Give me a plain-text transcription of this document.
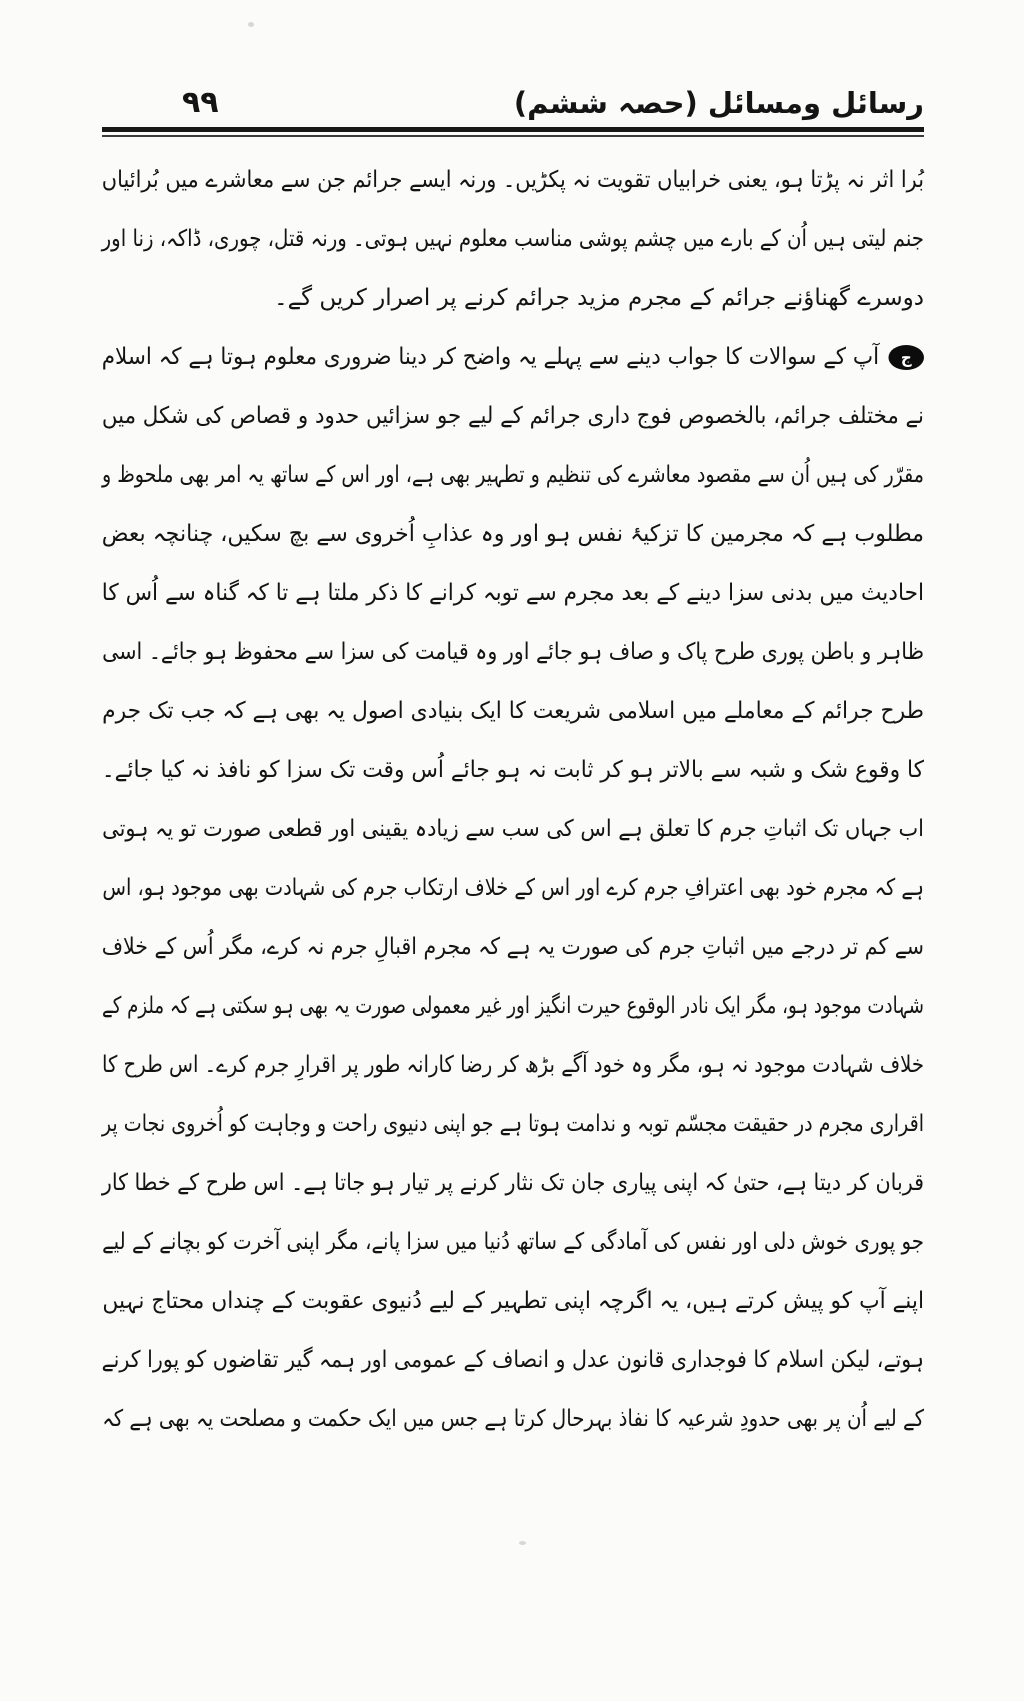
۹۹	رسائل ومسائل (حصہ ششم)
بُرا اثر نہ پڑتا ہو، یعنی خرابیاں تقویت نہ پکڑیں۔ ورنہ ایسے جرائم جن سے معاشرے میں بُرائیاں
جنم لیتی ہیں اُن کے بارے میں چشم پوشی مناسب معلوم نہیں ہوتی۔ ورنہ قتل، چوری، ڈاکہ، زنا اور
دوسرے گھناؤنے جرائم کے مجرم مزید جرائم کرنے پر اصرار کریں گے۔
جآپ کے سوالات کا جواب دینے سے پہلے یہ واضح کر دینا ضروری معلوم ہوتا ہے کہ اسلام
نے مختلف جرائم، بالخصوص فوج داری جرائم کے لیے جو سزائیں حدود و قصاص کی شکل میں
مقرّر کی ہیں اُن سے مقصود معاشرے کی تنظیم و تطہیر بھی ہے، اور اس کے ساتھ یہ امر بھی ملحوظ و
مطلوب ہے کہ مجرمین کا تزکیۂ نفس ہو اور وہ عذابِ اُخروی سے بچ سکیں، چنانچہ بعض
احادیث میں بدنی سزا دینے کے بعد مجرم سے توبہ کرانے کا ذکر ملتا ہے تا کہ گناہ سے اُس کا
ظاہر و باطن پوری طرح پاک و صاف ہو جائے اور وہ قیامت کی سزا سے محفوظ ہو جائے۔ اسی
طرح جرائم کے معاملے میں اسلامی شریعت کا ایک بنیادی اصول یہ بھی ہے کہ جب تک جرم
کا وقوع شک و شبہ سے بالاتر ہو کر ثابت نہ ہو جائے اُس وقت تک سزا کو نافذ نہ کیا جائے۔
اب جہاں تک اثباتِ جرم کا تعلق ہے اس کی سب سے زیادہ یقینی اور قطعی صورت تو یہ ہوتی
ہے کہ مجرم خود بھی اعترافِ جرم کرے اور اس کے خلاف ارتکاب جرم کی شہادت بھی موجود ہو، اس
سے کم تر درجے میں اثباتِ جرم کی صورت یہ ہے کہ مجرم اقبالِ جرم نہ کرے، مگر اُس کے خلاف
شہادت موجود ہو، مگر ایک نادر الوقوع حیرت انگیز اور غیر معمولی صورت یہ بھی ہو سکتی ہے کہ ملزم کے
خلاف شہادت موجود نہ ہو، مگر وہ خود آگے بڑھ کر رضا کارانہ طور پر اقرارِ جرم کرے۔ اس طرح کا
اقراری مجرم در حقیقت مجسّم توبہ و ندامت ہوتا ہے جو اپنی دنیوی راحت و وجاہت کو اُخروی نجات پر
قربان کر دیتا ہے، حتیٰ کہ اپنی پیاری جان تک نثار کرنے پر تیار ہو جاتا ہے۔ اس طرح کے خطا کار
جو پوری خوش دلی اور نفس کی آمادگی کے ساتھ دُنیا میں سزا پانے، مگر اپنی آخرت کو بچانے کے لیے
اپنے آپ کو پیش کرتے ہیں، یہ اگرچہ اپنی تطہیر کے لیے دُنیوی عقوبت کے چنداں محتاج نہیں
ہوتے، لیکن اسلام کا فوجداری قانون عدل و انصاف کے عمومی اور ہمہ گیر تقاضوں کو پورا کرنے
کے لیے اُن پر بھی حدودِ شرعیہ کا نفاذ بہرحال کرتا ہے جس میں ایک حکمت و مصلحت یہ بھی ہے کہ
